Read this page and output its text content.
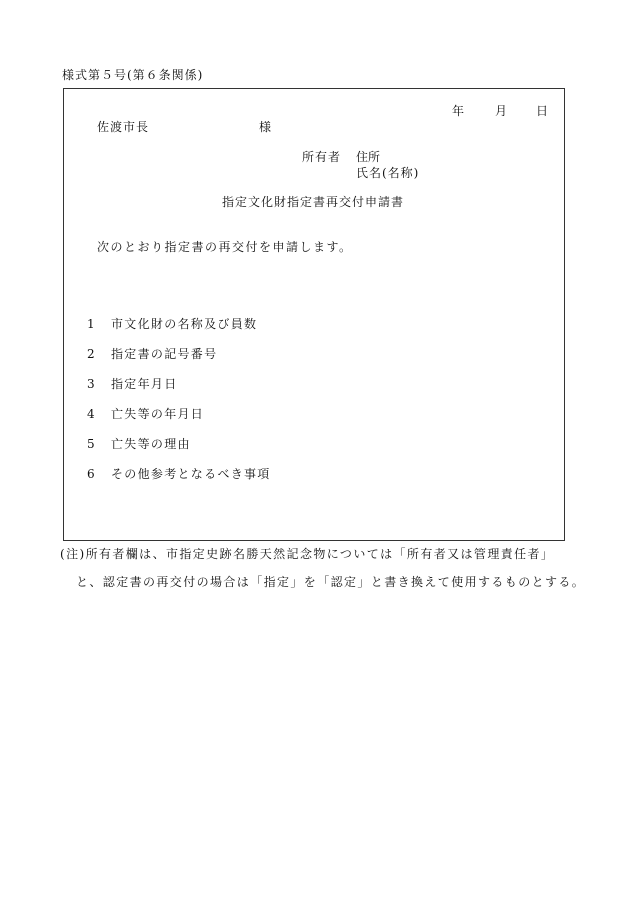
様式第５号(第６条関係)
年	月 日
佐渡市長	様
所有者 住所
氏名(名称)
指定文化財指定書再交付申請書
次のとおり指定書の再交付を申請します。
1 市文化財の名称及び員数
2 指定書の記号番号
3 指定年月日
4 亡失等の年月日
5 亡失等の理由
6 その他参考となるべき事項
(注)所有者欄は、市指定史跡名勝天然記念物については「所有者又は管理責任者」
と、認定書の再交付の場合は「指定」を「認定」と書き換えて使用するものとする。
